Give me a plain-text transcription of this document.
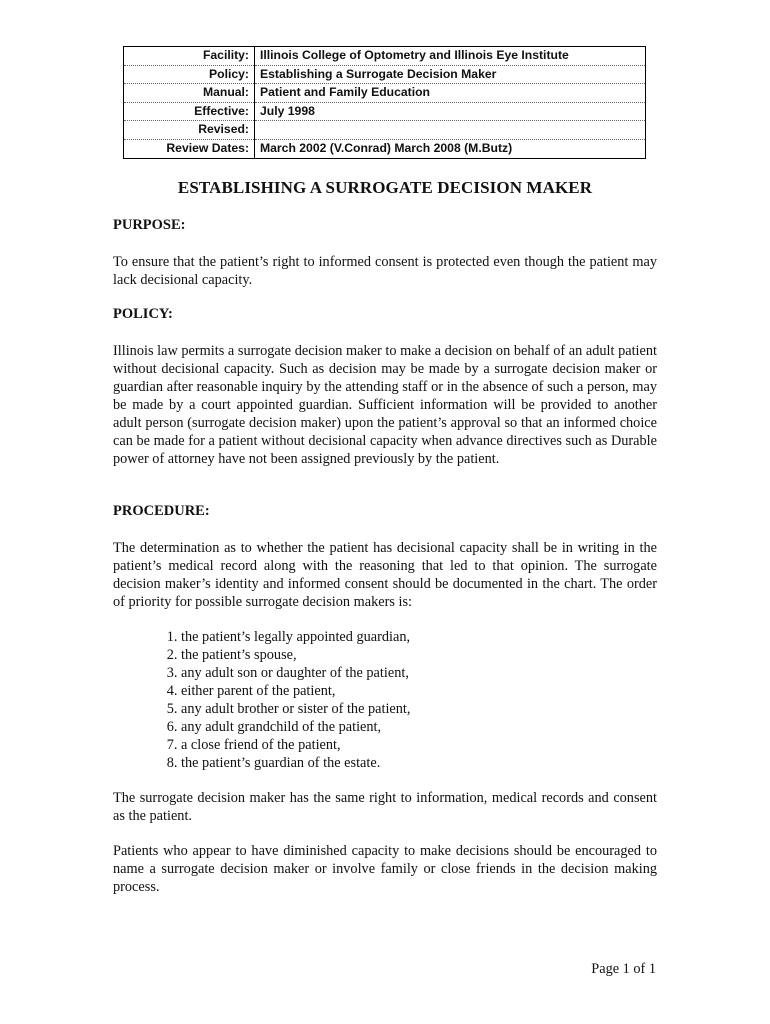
Facility:	Illinois College of Optometry and Illinois Eye Institute
Policy:	Establishing a Surrogate Decision Maker
Manual:	Patient and Family Education
Effective:	July 1998
Revised:	
Review Dates:	March 2002 (V.Conrad) March 2008 (M.Butz)
ESTABLISHING A SURROGATE DECISION MAKER
PURPOSE:

To ensure that the patient’s right to informed consent is protected even though the patient may lack decisional capacity.

POLICY:

Illinois law permits a surrogate decision maker to make a decision on behalf of an adult patient without decisional capacity. Such as decision may be made by a surrogate decision maker or guardian after reasonable inquiry by the attending staff or in the absence of such a person, may be made by a court appointed guardian. Sufficient information will be provided to another adult person (surrogate decision maker) upon the patient’s approval so that an informed choice can be made for a patient without decisional capacity when advance directives such as Durable power of attorney have not been assigned previously by the patient.

PROCEDURE:

The determination as to whether the patient has decisional capacity shall be in writing in the patient’s medical record along with the reasoning that led to that opinion. The surrogate decision maker’s identity and informed consent should be documented in the chart. The order of priority for possible surrogate decision makers is:

1. the patient’s legally appointed guardian,
2. the patient’s spouse,
3. any adult son or daughter of the patient,
4. either parent of the patient,
5. any adult brother or sister of the patient,
6. any adult grandchild of the patient,
7. a close friend of the patient,
8. the patient’s guardian of the estate.

The surrogate decision maker has the same right to information, medical records and consent as the patient.

Patients who appear to have diminished capacity to make decisions should be encouraged to name a surrogate decision maker or involve family or close friends in the decision making process.

Page 1 of 1
